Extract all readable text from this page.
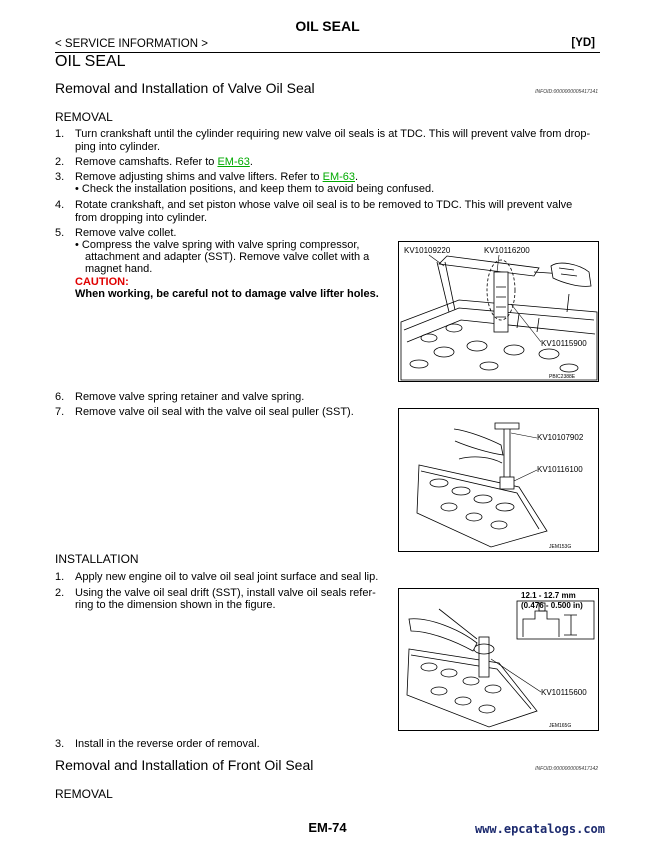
OIL SEAL
< SERVICE INFORMATION >	[YD]
OIL SEAL
Removal and Installation of Valve Oil Seal	INFOID:0000000005417141
REMOVAL
1. Turn crankshaft until the cylinder requiring new valve oil seals is at TDC. This will prevent valve from drop-
ping into cylinder.
2. Remove camshafts. Refer to EM-63.
3. Remove adjusting shims and valve lifters. Refer to EM-63.
• Check the installation positions, and keep them to avoid being confused.
4. Rotate crankshaft, and set piston whose valve oil seal is to be removed to TDC. This will prevent valve
from dropping into cylinder.
5. Remove valve collet.
• Compress the valve spring with valve spring compressor,
attachment and adapter (SST). Remove valve collet with a
magnet hand.
CAUTION:
When working, be careful not to damage valve lifter holes.
KV10109220	KV10116200
KV10115900
PBIC2388E
6. Remove valve spring retainer and valve spring.
7. Remove valve oil seal with the valve oil seal puller (SST).
KV10107902
KV10116100
JEM153G
INSTALLATION
1. Apply new engine oil to valve oil seal joint surface and seal lip.
2. Using the valve oil seal drift (SST), install valve oil seals refer-
ring to the dimension shown in the figure.
12.1 - 12.7 mm
(0.476 - 0.500 in)
KV10115600
JEM165G
3. Install in the reverse order of removal.
Removal and Installation of Front Oil Seal	INFOID:0000000005417142
REMOVAL
EM-74	www.epcatalogs.com
